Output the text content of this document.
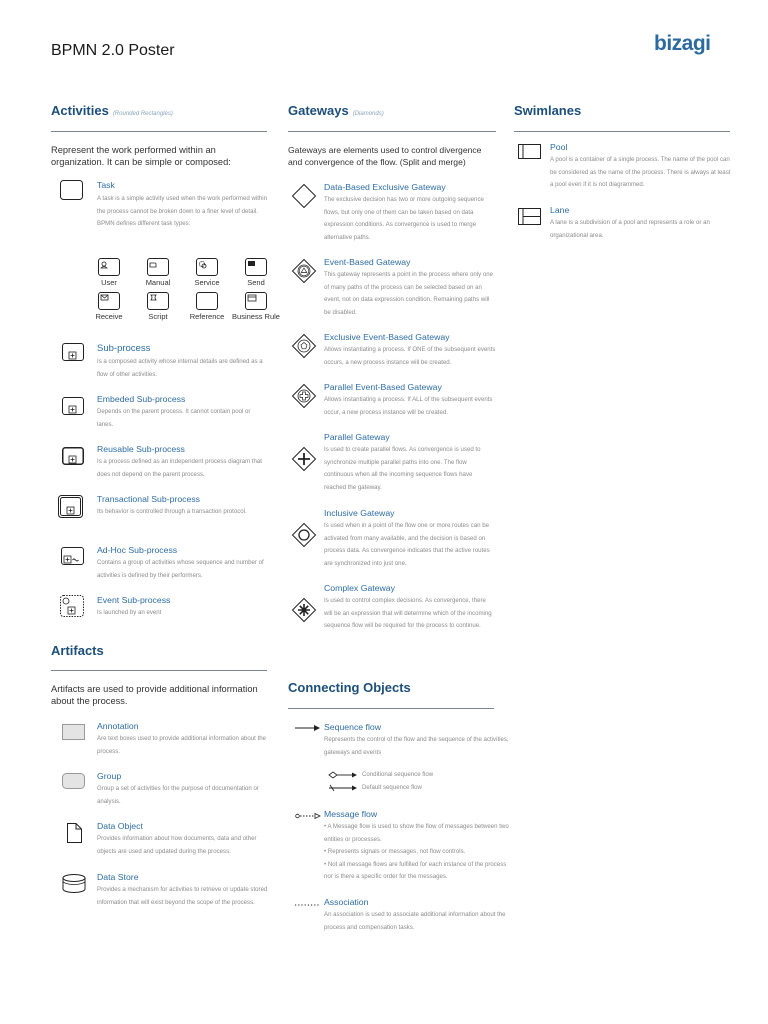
BPMN 2.0 Poster	bizagi
Activities (Rounded Rectangles)
Represent the work performed within an organization. It can be simple or composed:
Task
A task is a simple activity used when the work performed within the process cannot be broken down to a finer level of detail.
BPMN defines different task types:
User	Manual	Service	Send
Receive	Script	Reference	Business Rule
Sub-process
Is a composed activity whose internal details are defined as a flow of other activities.
Embeded Sub-process
Depends on the parent process. It cannot contain pool or lanes.
Reusable Sub-process
Is a process defined as an independent process diagram that does not depend on the parent process.
Transactional Sub-process
Its behavior is controlled through a transaction protocol.
Ad-Hoc Sub-process
Contains a group of activities whose sequence and number of activities is defined by their performers.
Event Sub-process
Is launched by an event
Artifacts
Artifacts are used to provide additional information about the process.
Annotation
Are text boxes used to provide additional information about the process.
Group
Group a set of activities for the purpose of documentation or analysis.
Data Object
Provides information about how documents, data and other objects are used and updated during the process.
Data Store
Provides a mechanism for activities to retrieve or update stored information that will exist beyond the scope of the process.
Gateways (Diamonds)
Gateways are elements used to control divergence and convergence of the flow. (Split and merge)
Data-Based Exclusive Gateway
The exclusive decision has two or more outgoing sequence flows, but only one of them can be taken based on data expression conditions. As convergence is used to merge alternative paths.
Event-Based Gateway
This gateway represents a point in the process where only one of many paths of the process can be selected based on an event, not on data expression condition. Remaining paths will be disabled.
Exclusive Event-Based Gateway
Allows instantiating a process. If ONE of the subsequent events occurs, a new process instance will be created.
Parallel Event-Based Gateway
Allows instantiating a process. If ALL of the subsequent events occur, a new process instance will be created.
Parallel Gateway
Is used to create parallel flows. As convergence is used to synchronize multiple parallel paths into one. The flow continuous when all the incoming sequence flows have reached the gateway.
Inclusive Gateway
Is used when in a point of the flow one or more routes can be activated from many available, and the decision is based on process data. As convergence indicates that the active routes are synchronized into just one.
Complex Gateway
Is used to control complex decisions. As convergence, there will be an expression that will determine which of the incoming sequence flow will be required for the process to continue.
Connecting Objects
Sequence flow
Represents the control of the flow and the sequence of the activities, gateways and events
Conditional sequence flow
Default sequence flow
Message flow
• A Message flow is used to show the flow of messages between two entities or processes.
• Represents signals or messages, not flow controls.
• Not all message flows are fulfilled for each instance of the process nor is there a specific order for the messages.
Association
An association is used to associate additional information about the process and compensation tasks.
Swimlanes
Pool
A pool is a container of a single process. The name of the pool can be considered as the name of the process. There is always at least a pool even if it is not diagrammed.
Lane
A lane is a subdivision of a pool and represents a role or an organizational area.
